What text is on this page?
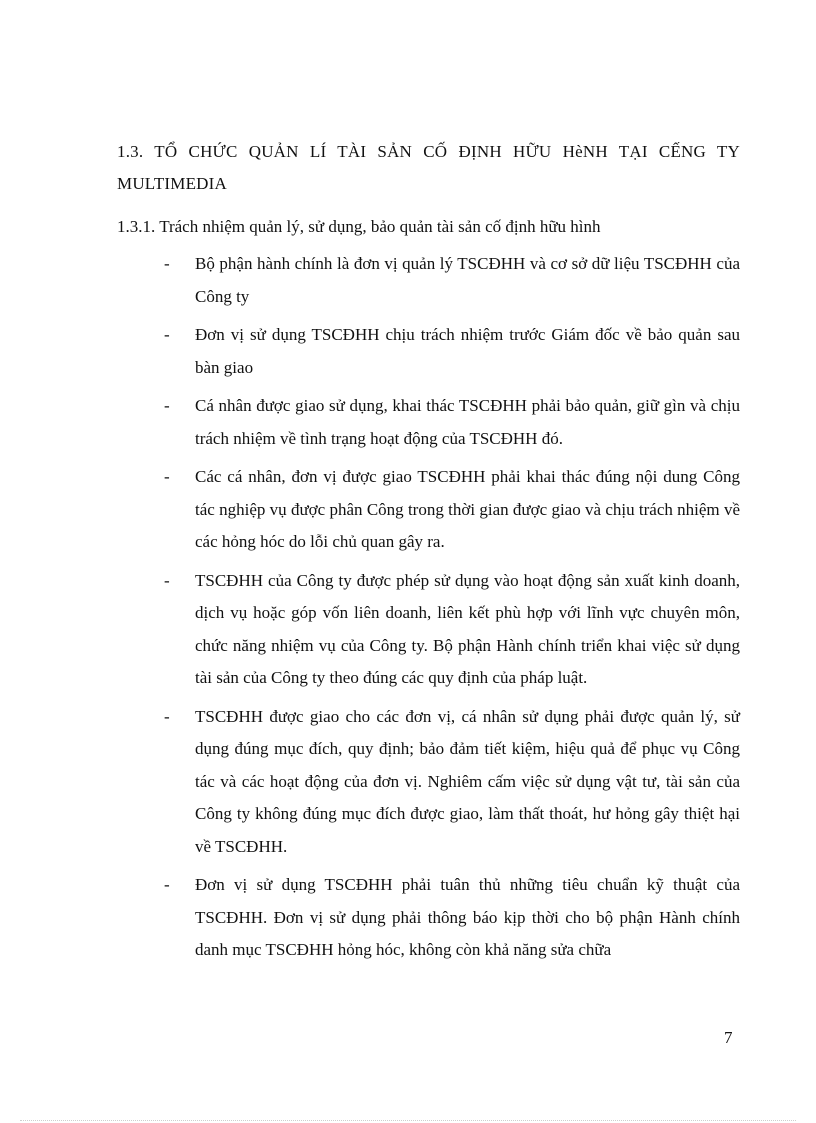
1.3. TỔ CHỨC QUẢN LÍ TÀI SẢN CỐ ĐỊNH HỮU HèNH TẠI CẾNG TY MULTIMEDIA
1.3.1. Trách nhiệm quản lý, sử dụng, bảo quản tài sản cố định hữu hình
- Bộ phận hành chính là đơn vị quản lý TSCĐHH và cơ sở dữ liệu TSCĐHH của Công ty
- Đơn vị sử dụng TSCĐHH chịu trách nhiệm trước Giám đốc về bảo quản sau bàn giao
- Cá nhân được giao sử dụng, khai thác TSCĐHH phải bảo quản, giữ gìn và chịu trách nhiệm về tình trạng hoạt động của TSCĐHH đó.
- Các cá nhân, đơn vị được giao TSCĐHH phải khai thác đúng nội dung Công tác nghiệp vụ được phân Công trong thời gian được giao và chịu trách nhiệm về các hỏng hóc do lỗi chủ quan gây ra.
- TSCĐHH của Công ty được phép sử dụng vào hoạt động sản xuất kinh doanh, dịch vụ hoặc góp vốn liên doanh, liên kết phù hợp với lĩnh vực chuyên môn, chức năng nhiệm vụ của Công ty. Bộ phận Hành chính triển khai việc sử dụng tài sản của Công ty theo đúng các quy định của pháp luật.
- TSCĐHH được giao cho các đơn vị, cá nhân sử dụng phải được quản lý, sử dụng đúng mục đích, quy định; bảo đảm tiết kiệm, hiệu quả để phục vụ Công tác và các hoạt động của đơn vị. Nghiêm cấm việc sử dụng vật tư, tài sản của Công ty không đúng mục đích được giao, làm thất thoát, hư hỏng gây thiệt hại về TSCĐHH.
- Đơn vị sử dụng TSCĐHH phải tuân thủ những tiêu chuẩn kỹ thuật của TSCĐHH. Đơn vị sử dụng phải thông báo kịp thời cho bộ phận Hành chính danh mục TSCĐHH hỏng hóc, không còn khả năng sửa chữa
7
